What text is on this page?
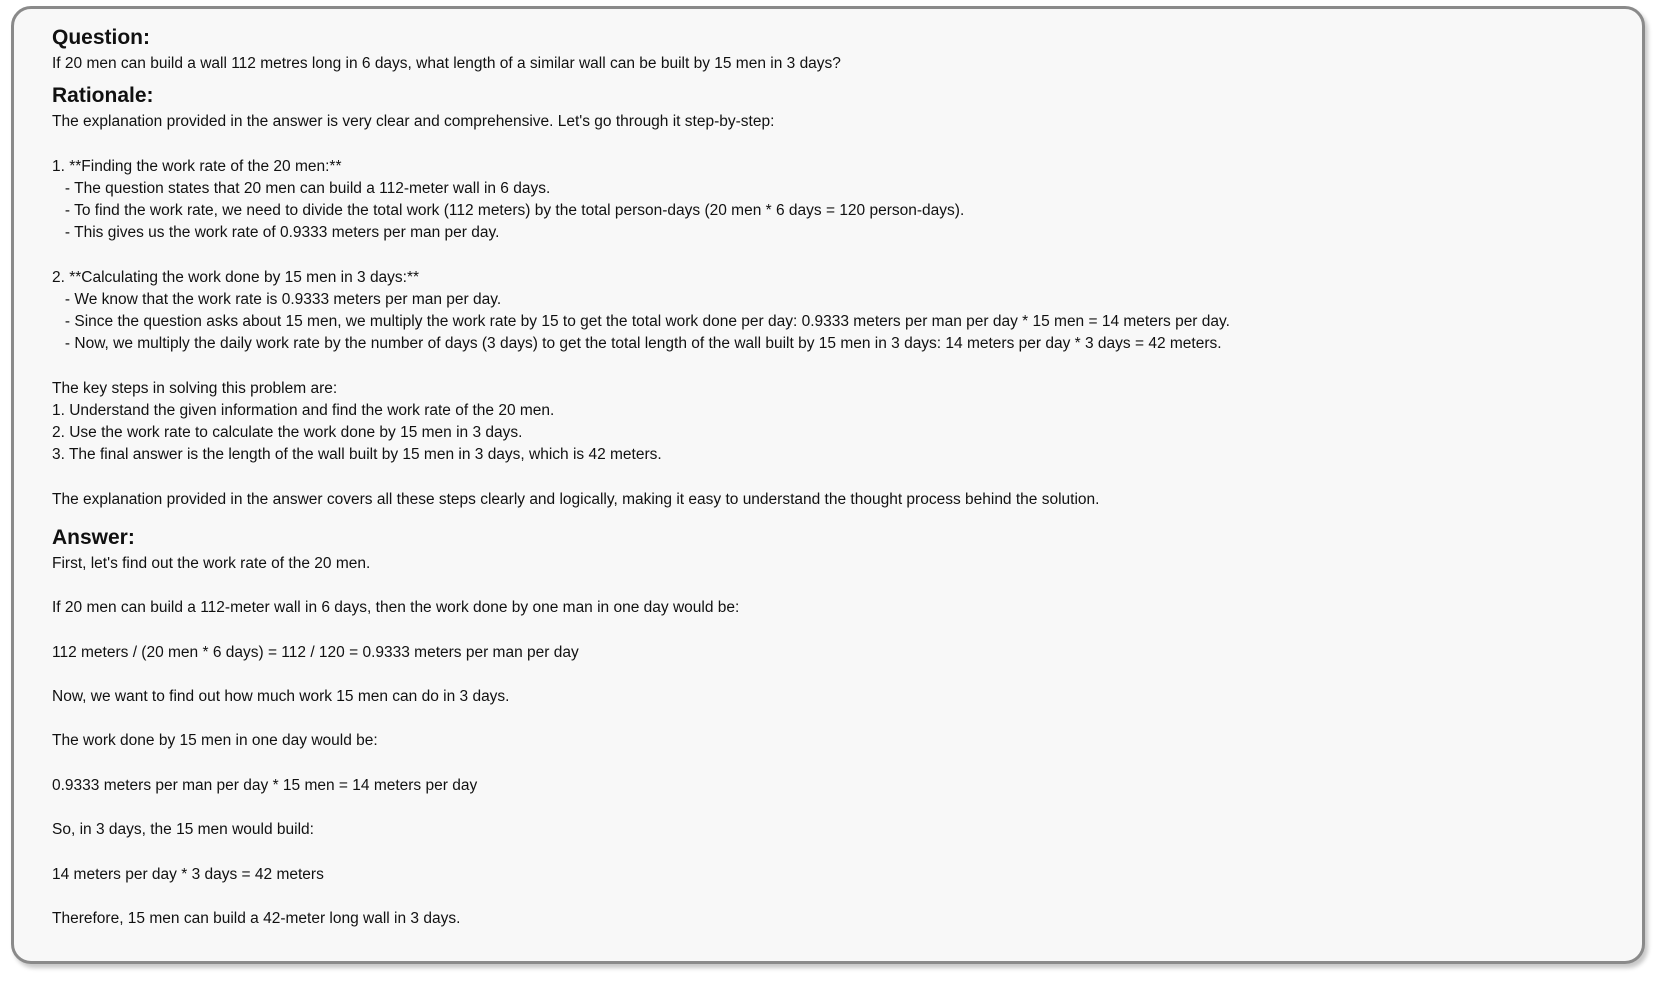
Question:
If 20 men can build a wall 112 metres long in 6 days, what length of a similar wall can be built by 15 men in 3 days?
Rationale:
The explanation provided in the answer is very clear and comprehensive. Let's go through it step-by-step:
1. **Finding the work rate of the 20 men:**
- The question states that 20 men can build a 112-meter wall in 6 days.
- To find the work rate, we need to divide the total work (112 meters) by the total person-days (20 men * 6 days = 120 person-days).
- This gives us the work rate of 0.9333 meters per man per day.
2. **Calculating the work done by 15 men in 3 days:**
- We know that the work rate is 0.9333 meters per man per day.
- Since the question asks about 15 men, we multiply the work rate by 15 to get the total work done per day: 0.9333 meters per man per day * 15 men = 14 meters per day.
- Now, we multiply the daily work rate by the number of days (3 days) to get the total length of the wall built by 15 men in 3 days: 14 meters per day * 3 days = 42 meters.
The key steps in solving this problem are:
1. Understand the given information and find the work rate of the 20 men.
2. Use the work rate to calculate the work done by 15 men in 3 days.
3. The final answer is the length of the wall built by 15 men in 3 days, which is 42 meters.
The explanation provided in the answer covers all these steps clearly and logically, making it easy to understand the thought process behind the solution.
Answer:
First, let's find out the work rate of the 20 men.
If 20 men can build a 112-meter wall in 6 days, then the work done by one man in one day would be:
112 meters / (20 men * 6 days) = 112 / 120 = 0.9333 meters per man per day
Now, we want to find out how much work 15 men can do in 3 days.
The work done by 15 men in one day would be:
0.9333 meters per man per day * 15 men = 14 meters per day
So, in 3 days, the 15 men would build:
14 meters per day * 3 days = 42 meters
Therefore, 15 men can build a 42-meter long wall in 3 days.
